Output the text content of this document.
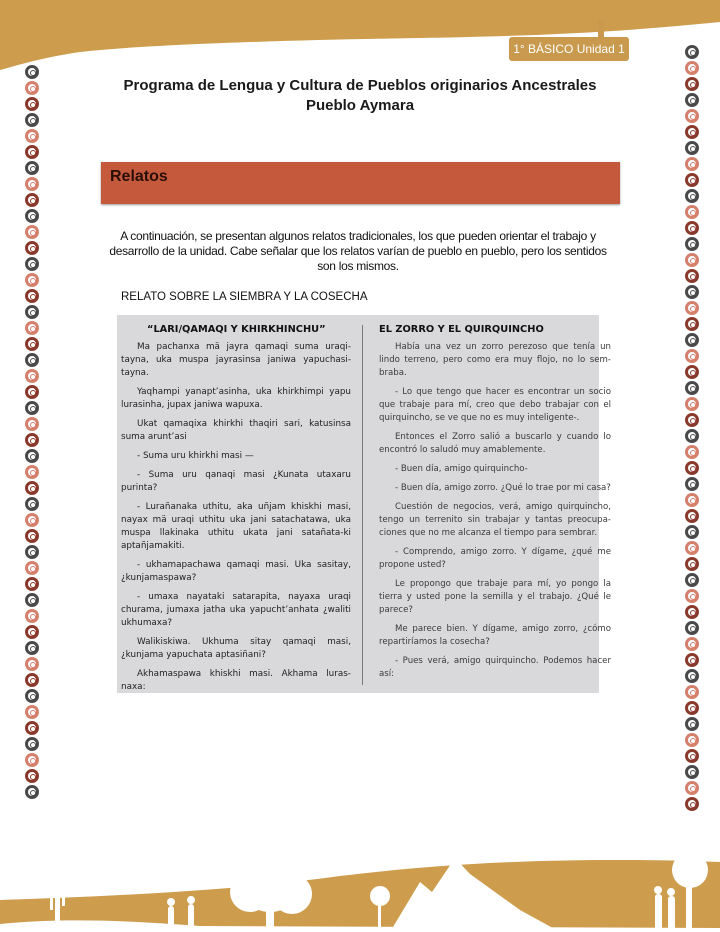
1° BÁSICO Unidad 1
Programa de Lengua y Cultura de Pueblos originarios Ancestrales
Pueblo Aymara
Relatos
A continuación, se presentan algunos relatos tradicionales, los que pueden orientar el trabajo y desarrollo de la unidad. Cabe señalar que los relatos varían de pueblo en pueblo, pero los sentidos son los mismos.
RELATO SOBRE LA SIEMBRA Y LA COSECHA
“LARI/QAMAQI Y KHIRKHINCHU”

Ma pachanxa mä jayra qamaqi suma uraqi-tayna, uka muspa jayrasinsa janiwa yapuchasi-tayna.

Yaqhampi yanapt’asinha, uka khirkhimpi yapu lurasinha, jupax janiwa wapuxa.

Ukat qamaqixa khirkhi thaqiri sari, katusinsa suma arunt’asi

- Suma uru khirkhi masi —

- Suma uru qanaqi masi ¿Kunata utaxaru purinta?

- Lurañanaka uthitu, aka uñjam khiskhi masi, nayax mä uraqi uthitu uka jani satachatawa, uka muspa llakinaka uthitu ukata jani satañata-ki aptañjamakiti.

- ukhamapachawa qamaqi masi. Uka sasitay, ¿kunjamaspawa?

- umaxa nayataki satarapita, nayaxa uraqi churama, jumaxa jatha uka yapucht’anhata ¿waliti ukhumaxa?

Walikiskiwa. Ukhuma sitay qamaqi masi, ¿kunjama yapuchata aptasiñani?

Akhamaspawa khiskhi masi. Akhama luras-naxa:

EL ZORRO Y EL QUIRQUINCHO

Había una vez un zorro perezoso que tenía un lindo terreno, pero como era muy flojo, no lo sem-braba.

- Lo que tengo que hacer es encontrar un socio que trabaje para mí, creo que debo trabajar con el quirquincho, se ve que no es muy inteligente-.

Entonces el Zorro salió a buscarlo y cuando lo encontró lo saludó muy amablemente.

- Buen día, amigo quirquincho-

- Buen día, amigo zorro. ¿Qué lo trae por mi casa?

Cuestión de negocios, verá, amigo quirquincho, tengo un terrenito sin trabajar y tantas preocupa-ciones que no me alcanza el tiempo para sembrar.

- Comprendo, amigo zorro. Y dígame, ¿qué me propone usted?

Le propongo que trabaje para mí, yo pongo la tierra y usted pone la semilla y el trabajo. ¿Qué le parece?

Me parece bien. Y dígame, amigo zorro, ¿cómo repartiríamos la cosecha?

- Pues verá, amigo quirquincho. Podemos hacer así:
